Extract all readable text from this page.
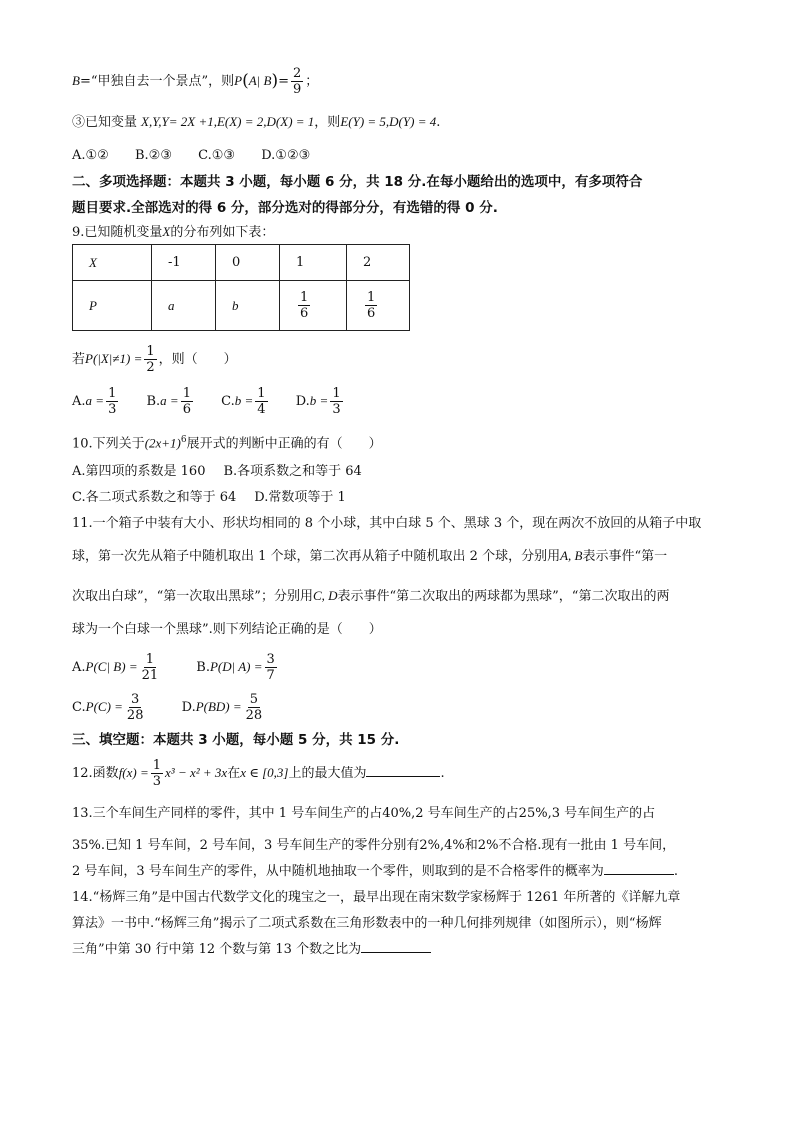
B=“甲独自去一个景点”，则P(A| $B)= \frac{2}{9}$ ；
③已知变量 X,Y,Y= 2X +1,E(X) = 2,D(X) = 1，则E(Y) = 5,D(Y) = 4.
A.①② B.②③ C.①③ D.①②③
二、多项选择题：本题共 3 小题，每小题 6 分，共 18 分.在每小题给出的选项中，有多项符合
题目要求.全部选对的得 6 分，部分选对的得部分分，有选错的得 0 分.
9.已知随机变量X的分布列如下表：
X	-1	0	1	2
P	a	b	$\frac{1}{6}$	$\frac{1}{6}$
若$P(|X|\ne 1) = \frac{1}{2}$ ，则（　　）
$A.a = \frac{1}{3} B.a = \frac{1}{6} C.b = \frac{1}{4} D.b = \frac{1}{3}$
10.下列关于$(2x+1)^6$展开式的判断中正确的有（　　）
A.第四项的系数是 160 B.各项系数之和等于 64
C.各二项式系数之和等于 64 D.常数项等于 1
11.一个箱子中装有大小、形状均相同的 8 个小球，其中白球 5 个、黑球 3 个，现在两次不放回的从箱子中取
球，第一次先从箱子中随机取出 1 个球，第二次再从箱子中随机取出 2 个球，分别用A, B表示事件“第一
次取出白球”，“第一次取出黑球”；分别用C, D表示事件“第二次取出的两球都为黑球”，“第二次取出的两
球为一个白球一个黑球”.则下列结论正确的是（　　）
A.P(C| $B) = \frac{1}{21}$	B.P(D| $A) = \frac{3}{7}$
$C.P(C) = \frac{3}{28}$	$D.P(BD) = \frac{5}{28}$
三、填空题：本题共 3 小题，每小题 5 分，共 15 分.
12.函数$f(x) = \frac{1}{3} x^3 - x^2 + 3x$在x ∈ [0,3]上的最大值为	.
13.三个车间生产同样的零件，其中 1 号车间生产的占40%,2 号车间生产的占25%,3 号车间生产的占
35%.已知 1 号车间，2 号车间，3 号车间生产的零件分别有2%,4%和2%不合格.现有一批由 1 号车间，
2 号车间，3 号车间生产的零件，从中随机地抽取一个零件，则取到的是不合格零件的概率为	.
14.“杨辉三角”是中国古代数学文化的瑰宝之一，最早出现在南宋数学家杨辉于 1261 年所著的《详解九章
算法》一书中.“杨辉三角”揭示了二项式系数在三角形数表中的一种几何排列规律（如图所示），则“杨辉
三角”中第 30 行中第 12 个数与第 13 个数之比为
